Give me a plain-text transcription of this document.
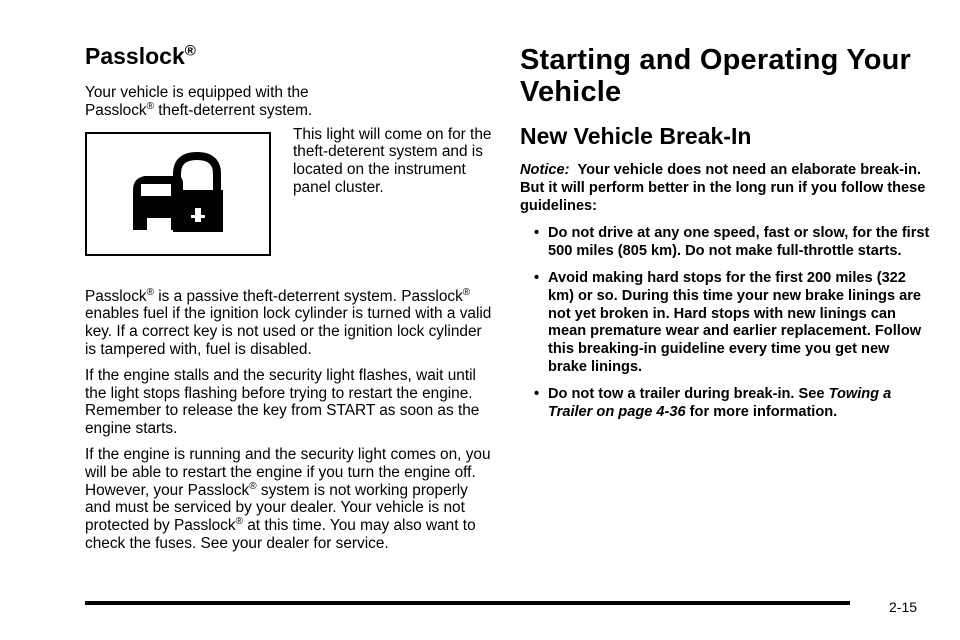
Passlock®

Your vehicle is equipped with the
Passlock® theft-deterrent system.

This light will come on for the theft-deterent system and is located on the instrument panel cluster.

Passlock® is a passive theft-deterrent system. Passlock® enables fuel if the ignition lock cylinder is turned with a valid key. If a correct key is not used or the ignition lock cylinder is tampered with, fuel is disabled.

If the engine stalls and the security light flashes, wait until the light stops flashing before trying to restart the engine. Remember to release the key from START as soon as the engine starts.

If the engine is running and the security light comes on, you will be able to restart the engine if you turn the engine off. However, your Passlock® system is not working properly and must be serviced by your dealer. Your vehicle is not protected by Passlock® at this time. You may also want to check the fuses. See your dealer for service.

Starting and Operating Your Vehicle
New Vehicle Break-In

Notice: Your vehicle does not need an elaborate break-in. But it will perform better in the long run if you follow these guidelines:

• Do not drive at any one speed, fast or slow, for the first 500 miles (805 km). Do not make full-throttle starts.
• Avoid making hard stops for the first 200 miles (322 km) or so. During this time your new brake linings are not yet broken in. Hard stops with new linings can mean premature wear and earlier replacement. Follow this breaking-in guideline every time you get new brake linings.
• Do not tow a trailer during break-in. See Towing a Trailer on page 4-36 for more information.
2-15
